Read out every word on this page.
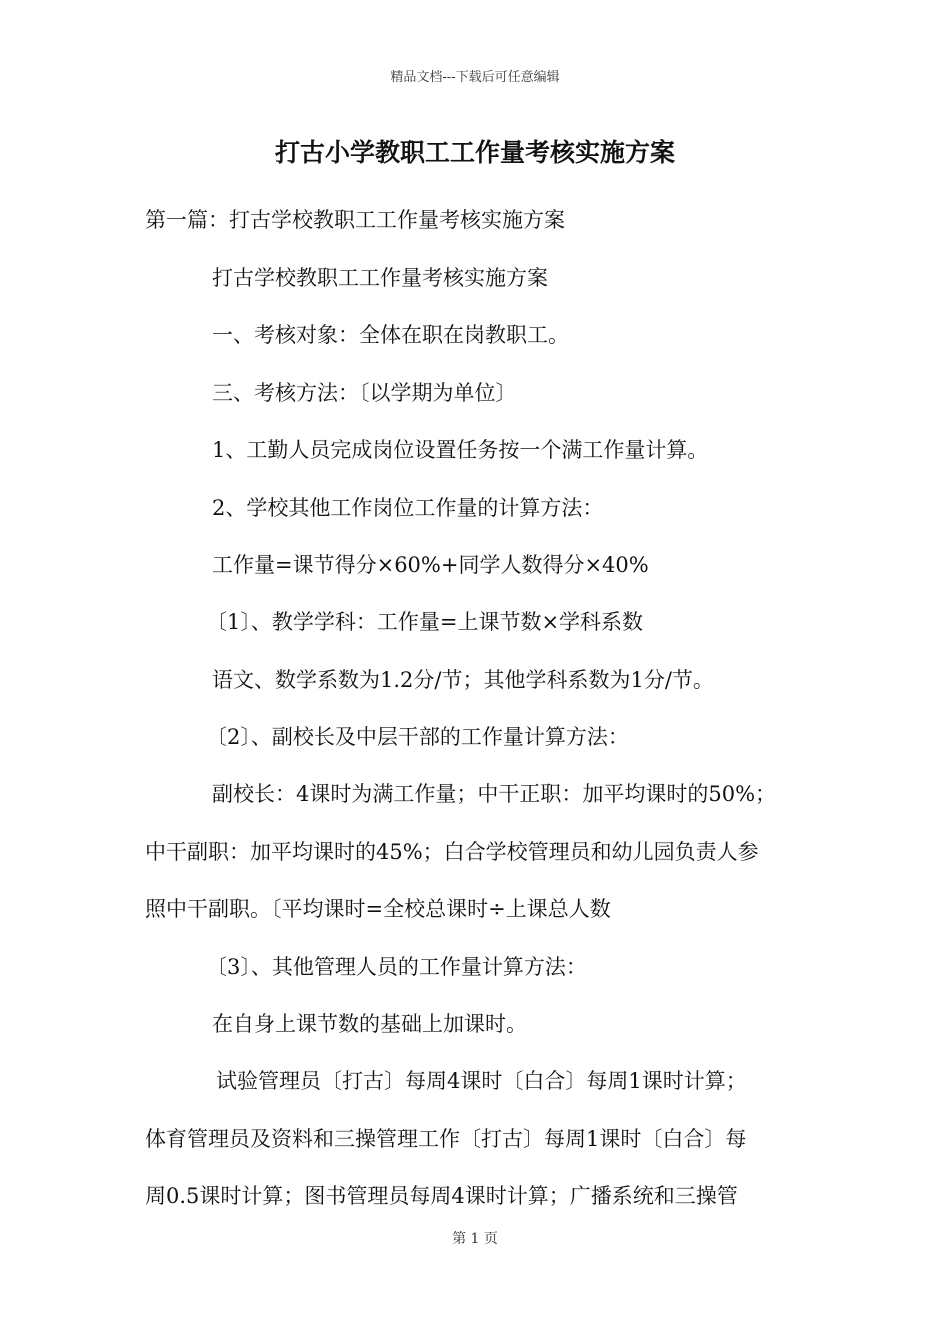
精品文档---下载后可任意编辑
打古小学教职工工作量考核实施方案
第一篇：打古学校教职工工作量考核实施方案
打古学校教职工工作量考核实施方案
一、考核对象：全体在职在岗教职工。
三、考核方法：〔以学期为单位〕
1、工勤人员完成岗位设置任务按一个满工作量计算。
2、学校其他工作岗位工作量的计算方法：
工作量=课节得分×60%+同学人数得分×40%
〔1〕、教学学科：工作量=上课节数×学科系数
语文、数学系数为1.2分/节；其他学科系数为1分/节。
〔2〕、副校长及中层干部的工作量计算方法：
副校长：4课时为满工作量；中干正职：加平均课时的50%；
中干副职：加平均课时的45%；白合学校管理员和幼儿园负责人参
照中干副职。〔平均课时=全校总课时÷上课总人数
〔3〕、其他管理人员的工作量计算方法：
在自身上课节数的基础上加课时。
试验管理员〔打古〕每周4课时〔白合〕每周1课时计算；
体育管理员及资料和三操管理工作〔打古〕每周1课时〔白合〕每
周0.5课时计算；图书管理员每周4课时计算；广播系统和三操管
第 1 页
